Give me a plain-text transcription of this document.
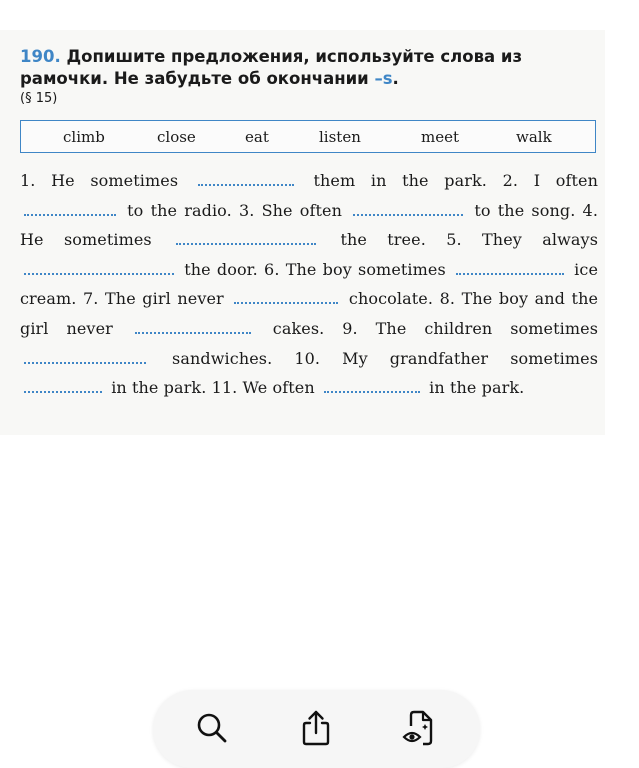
190. Допишите предложения, используйте слова из рамочки. Не забудьте об окончании –s.
(§ 15)
climb	close	eat	listen	meet	walk
1. He sometimes	them in the park. 2. I often  to the radio. 3. She often	to the song. 4. He sometimes	the tree. 5. They always  the door. 6. The boy sometimes	ice cream. 7. The girl never	chocolate. 8. The boy and the girl never	cakes. 9. The children sometimes  sandwiches. 10. My grandfather sometimes  in the park. 11. We often	in the park.
